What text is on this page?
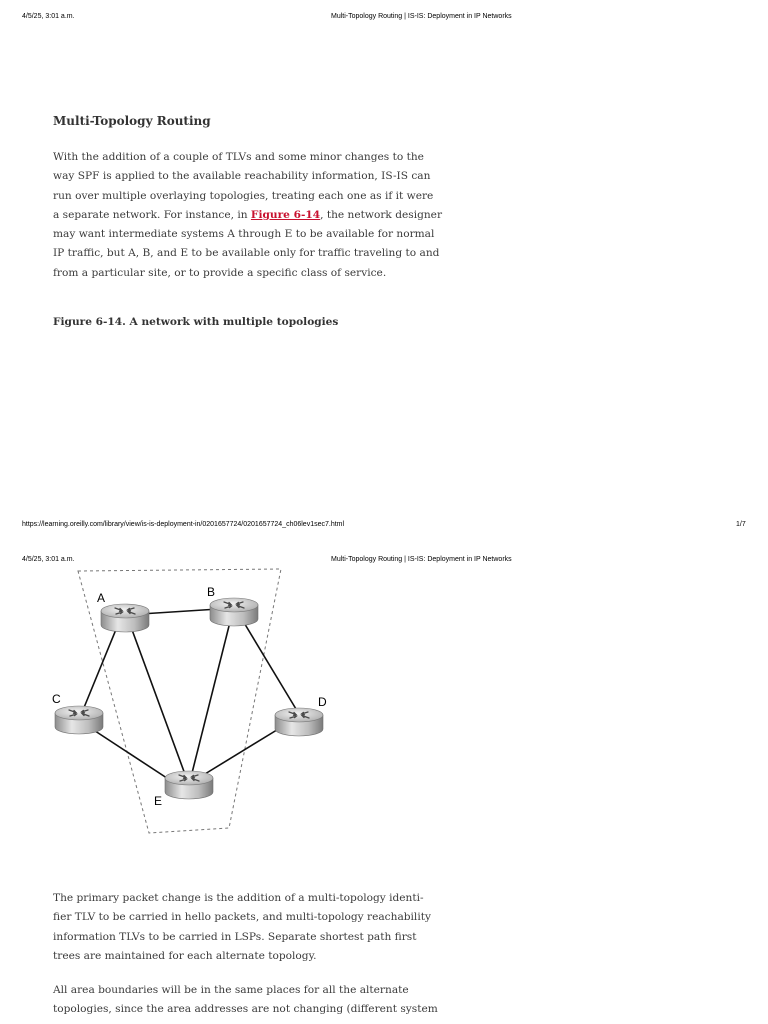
4/5/25, 3:01 a.m.	Multi-Topology Routing | IS-IS: Deployment in IP Networks
Multi-Topology Routing

With the addition of a couple of TLVs and some minor changes to the
way SPF is applied to the available reachability information, IS-IS can
run over multiple overlaying topologies, treating each one as if it were
a separate network. For instance, in Figure 6-14, the network designer
may want intermediate systems A through E to be available for normal
IP traffic, but A, B, and E to be available only for traffic traveling to and
from a particular site, or to provide a specific class of service.

Figure 6-14. A network with multiple topologies

https://learning.oreilly.com/library/view/is-is-deployment-in/0201657724/0201657724_ch06lev1sec7.html	1/7
4/5/25, 3:01 a.m.	Multi-Topology Routing | IS-IS: Deployment in IP Networks
A	B
C	D
E

The primary packet change is the addition of a multi-topology identi-
fier TLV to be carried in hello packets, and multi-topology reachability
information TLVs to be carried in LSPs. Separate shortest path first
trees are maintained for each alternate topology.

All area boundaries will be in the same places for all the alternate
topologies, since the area addresses are not changing (different system
